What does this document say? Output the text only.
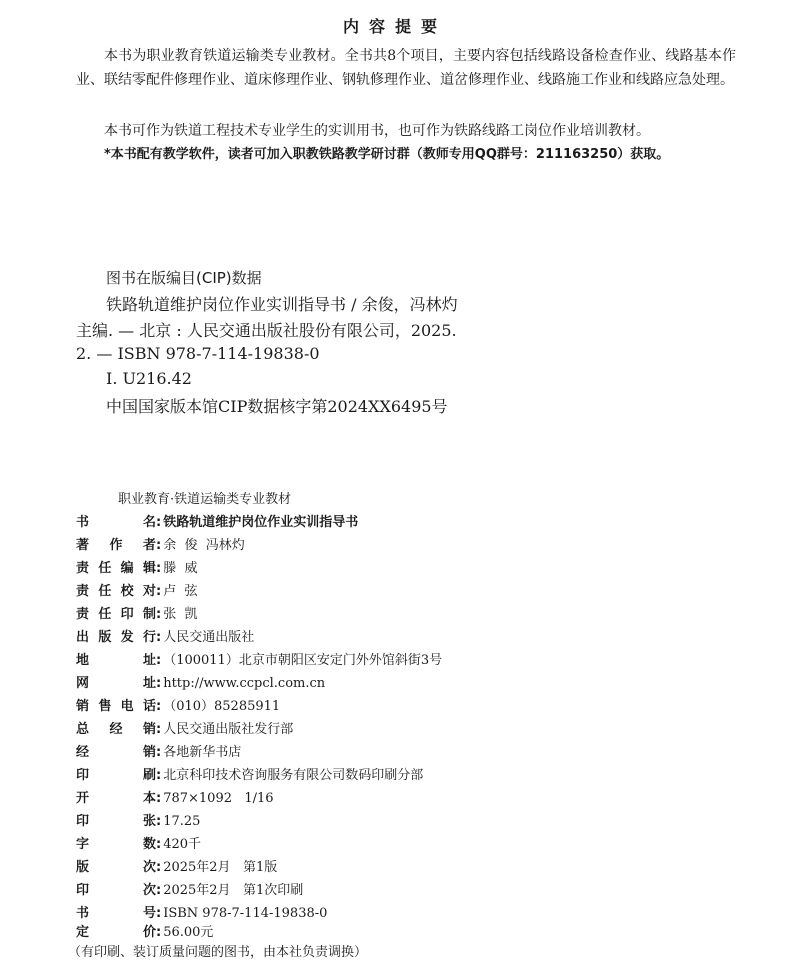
内容提要
本书为职业教育铁道运输类专业教材。全书共8个项目，主要内容包括线路设备检查作业、线路基本作业、联结零配件修理作业、道床修理作业、钢轨修理作业、道岔修理作业、线路施工作业和线路应急处理。
本书可作为铁道工程技术专业学生的实训用书，也可作为铁路线路工岗位作业培训教材。
*本书配有教学软件，读者可加入职教铁路教学研讨群（教师专用QQ群号：211163250）获取。
图书在版编目(CIP)数据
铁路轨道维护岗位作业实训指导书 / 余俊，冯林灼
主编. — 北京 : 人民交通出版社股份有限公司，2025.
2. — ISBN 978-7-114-19838-0
Ⅰ. U216.42
中国国家版本馆CIP数据核字第2024XX6495号
职业教育·铁道运输类专业教材
书名: 铁路轨道维护岗位作业实训指导书
著作者: 余  俊  冯林灼
责任编辑: 滕  威
责任校对: 卢  弦
责任印制: 张  凯
出版发行: 人民交通出版社
地址: （100011）北京市朝阳区安定门外外馆斜街3号
网址: http://www.ccpcl.com.cn
销售电话: （010）85285911
总经销: 人民交通出版社发行部
经销: 各地新华书店
印刷: 北京科印技术咨询服务有限公司数码印刷分部
开本: 787×1092   1/16
印张: 17.25
字数: 420千
版次: 2025年2月   第1版
印次: 2025年2月   第1次印刷
书号: ISBN 978-7-114-19838-0
定价: 56.00元
（有印刷、装订质量问题的图书，由本社负责调换）
